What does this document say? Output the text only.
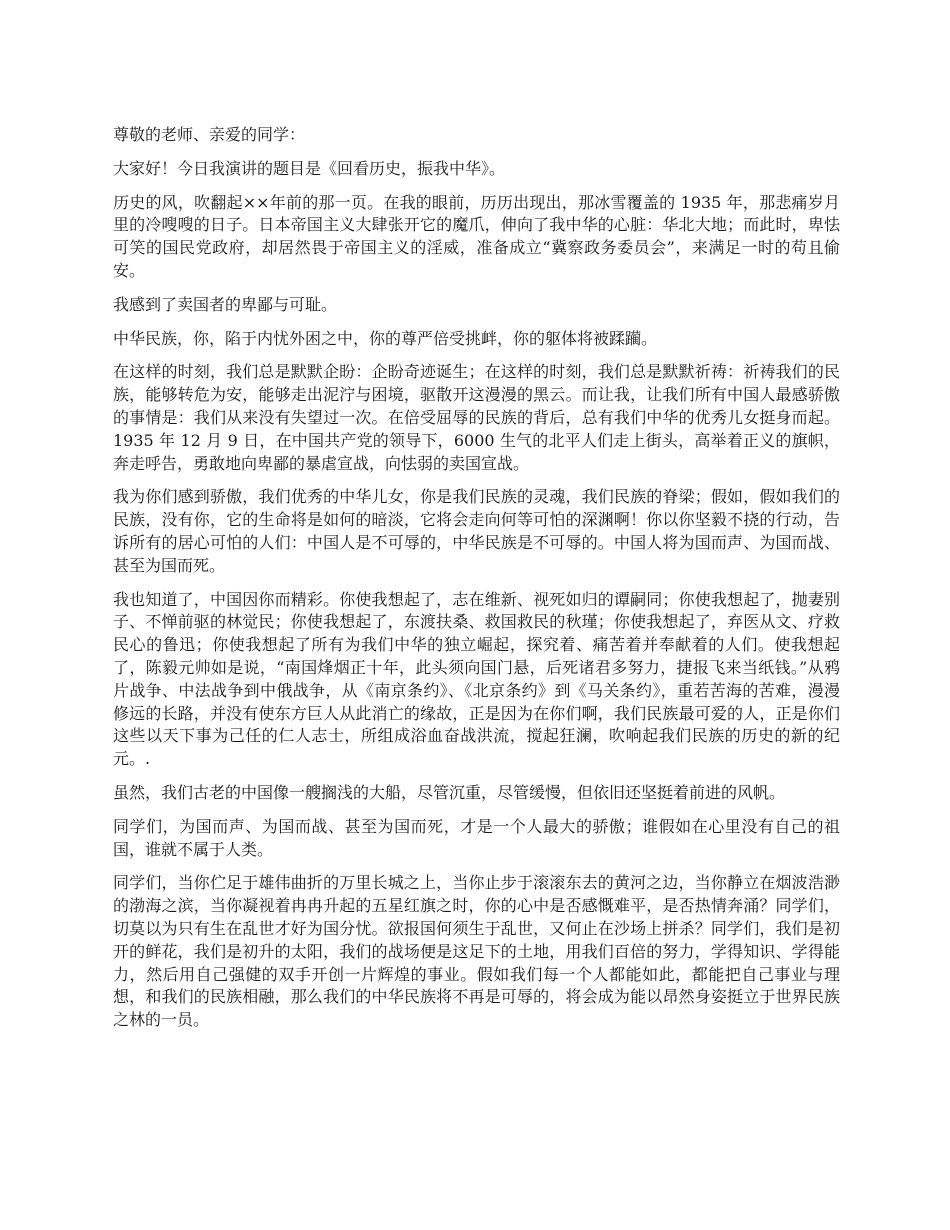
尊敬的老师、亲爱的同学：

大家好！今日我演讲的题目是《回看历史，振我中华》。

历史的风，吹翻起××年前的那一页。在我的眼前，历历出现出，那冰雪覆盖的 1935 年，那悲痛岁月里的冷嗖嗖的日子。日本帝国主义大肆张开它的魔爪，伸向了我中华的心脏：华北大地；而此时，卑怯可笑的国民党政府，却居然畏于帝国主义的淫威，准备成立“冀察政务委员会”，来满足一时的苟且偷安。

我感到了卖国者的卑鄙与可耻。

中华民族，你，陷于内忧外困之中，你的尊严倍受挑衅，你的躯体将被蹂躏。

在这样的时刻，我们总是默默企盼：企盼奇迹诞生；在这样的时刻，我们总是默默祈祷：祈祷我们的民族，能够转危为安，能够走出泥泞与困境，驱散开这漫漫的黑云。而让我，让我们所有中国人最感骄傲的事情是：我们从来没有失望过一次。在倍受屈辱的民族的背后，总有我们中华的优秀儿女挺身而起。1935 年 12 月 9 日，在中国共产党的领导下，6000 生气的北平人们走上街头，高举着正义的旗帜，奔走呼告，勇敢地向卑鄙的暴虐宣战，向怯弱的卖国宣战。

我为你们感到骄傲，我们优秀的中华儿女，你是我们民族的灵魂，我们民族的脊梁；假如，假如我们的民族，没有你，它的生命将是如何的暗淡，它将会走向何等可怕的深渊啊！你以你坚毅不挠的行动，告诉所有的居心可怕的人们：中国人是不可辱的，中华民族是不可辱的。中国人将为国而声、为国而战、甚至为国而死。

我也知道了，中国因你而精彩。你使我想起了，志在维新、视死如归的谭嗣同；你使我想起了，抛妻别子、不惮前驱的林觉民；你使我想起了，东渡扶桑、救国救民的秋瑾；你使我想起了，弃医从文、疗救民心的鲁迅；你使我想起了所有为我们中华的独立崛起，探究着、痛苦着并奉献着的人们。使我想起了，陈毅元帅如是说，“南国烽烟正十年，此头须向国门悬，后死诸君多努力，捷报飞来当纸钱。”从鸦片战争、中法战争到中俄战争，从《南京条约》、《北京条约》到《马关条约》，重若苦海的苦难，漫漫修远的长路，并没有使东方巨人从此消亡的缘故，正是因为在你们啊，我们民族最可爱的人，正是你们这些以天下事为己任的仁人志士，所组成浴血奋战洪流，搅起狂澜，吹响起我们民族的历史的新的纪元。.

虽然，我们古老的中国像一艘搁浅的大船，尽管沉重，尽管缓慢，但依旧还坚挺着前进的风帆。

同学们，为国而声、为国而战、甚至为国而死，才是一个人最大的骄傲；谁假如在心里没有自己的祖国，谁就不属于人类。

同学们，当你伫足于雄伟曲折的万里长城之上，当你止步于滚滚东去的黄河之边，当你静立在烟波浩渺的渤海之滨，当你凝视着冉冉升起的五星红旗之时，你的心中是否感慨难平，是否热情奔涌？同学们，切莫以为只有生在乱世才好为国分忧。欲报国何须生于乱世，又何止在沙场上拼杀？同学们，我们是初开的鲜花，我们是初升的太阳，我们的战场便是这足下的土地，用我们百倍的努力，学得知识、学得能力，然后用自己强健的双手开创一片辉煌的事业。假如我们每一个人都能如此，都能把自己事业与理想，和我们的民族相融，那么我们的中华民族将不再是可辱的，将会成为能以昂然身姿挺立于世界民族之林的一员。
